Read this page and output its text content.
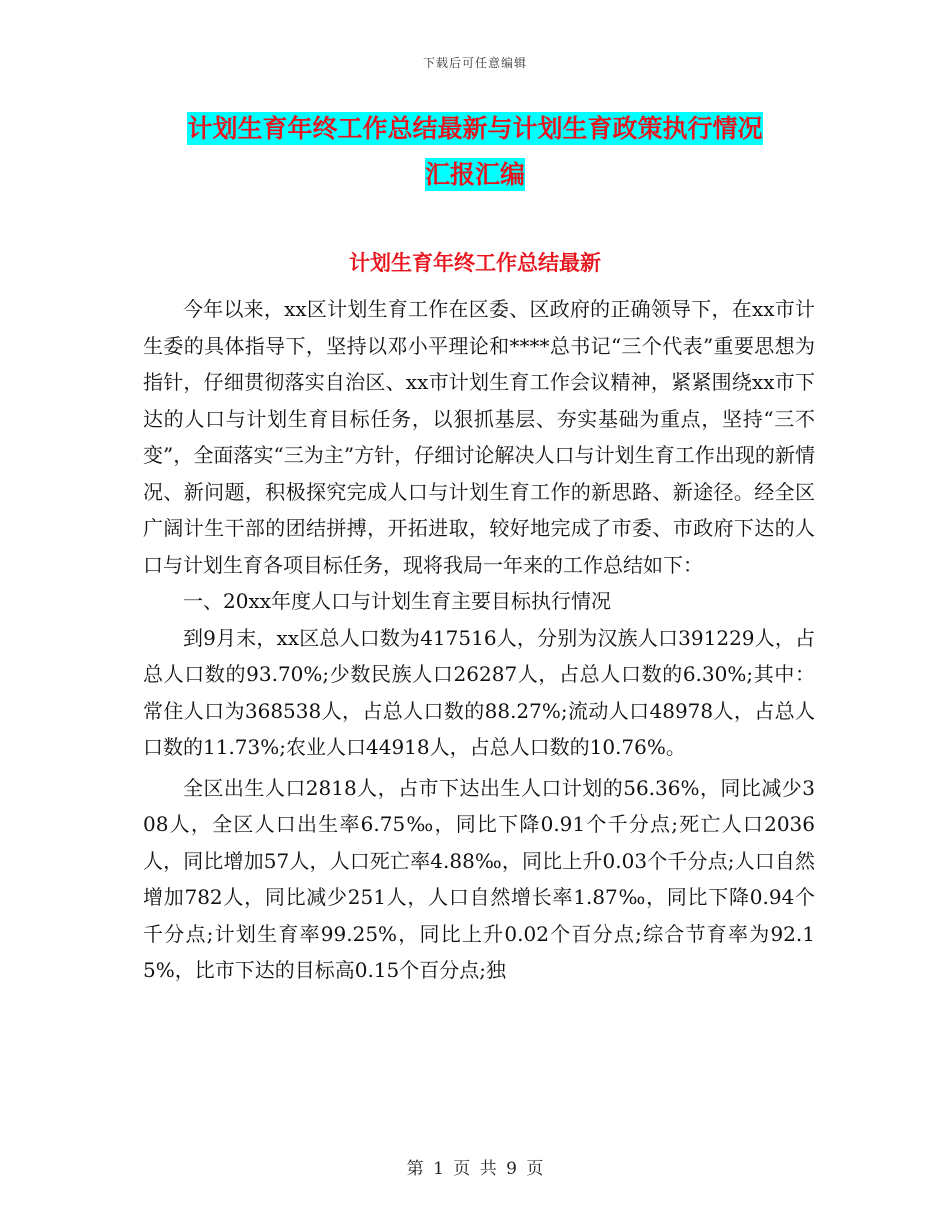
下载后可任意编辑
计划生育年终工作总结最新与计划生育政策执行情况
汇报汇编
计划生育年终工作总结最新

今年以来，xx区计划生育工作在区委、区政府的正确领导下，在xx市计生委的具体指导下，坚持以邓小平理论和****总书记“三个代表”重要思想为指针，仔细贯彻落实自治区、xx市计划生育工作会议精神，紧紧围绕xx市下达的人口与计划生育目标任务，以狠抓基层、夯实基础为重点，坚持“三不变”，全面落实“三为主”方针，仔细讨论解决人口与计划生育工作出现的新情况、新问题，积极探究完成人口与计划生育工作的新思路、新途径。经全区广阔计生干部的团结拼搏，开拓进取，较好地完成了市委、市政府下达的人口与计划生育各项目标任务，现将我局一年来的工作总结如下：

一、20xx年度人口与计划生育主要目标执行情况

到9月末，xx区总人口数为417516人，分别为汉族人口391229人，占总人口数的93.70%;少数民族人口26287人，占总人口数的6.30%;其中：常住人口为368538人，占总人口数的88.27%;流动人口48978人，占总人口数的11.73%;农业人口44918人，占总人口数的10.76%。

全区出生人口2818人，占市下达出生人口计划的56.36%，同比减少308人，全区人口出生率6.75‰，同比下降0.91个千分点;死亡人口2036人，同比增加57人，人口死亡率4.88‰，同比上升0.03个千分点;人口自然增加782人，同比减少251人，人口自然增长率1.87‰，同比下降0.94个千分点;计划生育率99.25%，同比上升0.02个百分点;综合节育率为92.15%，比市下达的目标高0.15个百分点;独

第 1 页 共 9 页
